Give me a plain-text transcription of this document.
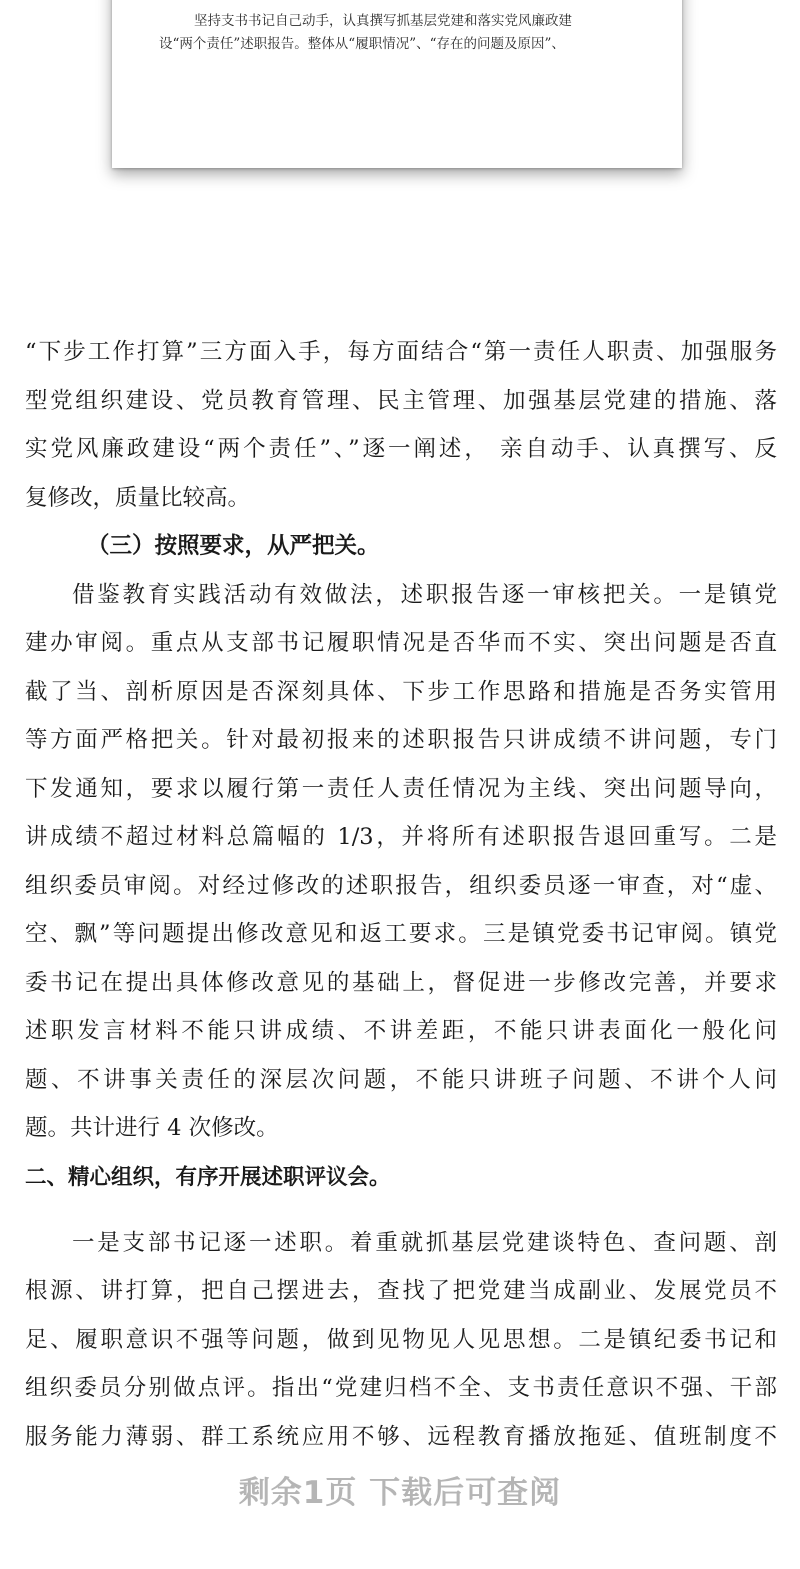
坚持支书书记自己动手，认真撰写抓基层党建和落实党风廉政建
设“两个责任”述职报告。整体从“履职情况”、“存在的问题及原因”、
“下步工作打算”三方面入手，每方面结合“第一责任人职责、加强服务
型党组织建设、党员教育管理、民主管理、加强基层党建的措施、落
实党风廉政建设“两个责任”、”逐一阐述， 亲自动手、认真撰写、反
复修改，质量比较高。
（三）按照要求，从严把关。
借鉴教育实践活动有效做法，述职报告逐一审核把关。一是镇党
建办审阅。重点从支部书记履职情况是否华而不实、突出问题是否直
截了当、剖析原因是否深刻具体、下步工作思路和措施是否务实管用
等方面严格把关。针对最初报来的述职报告只讲成绩不讲问题，专门
下发通知，要求以履行第一责任人责任情况为主线、突出问题导向，
讲成绩不超过材料总篇幅的 1/3，并将所有述职报告退回重写。二是
组织委员审阅。对经过修改的述职报告，组织委员逐一审查，对“虚、
空、飘”等问题提出修改意见和返工要求。三是镇党委书记审阅。镇党
委书记在提出具体修改意见的基础上，督促进一步修改完善，并要求
述职发言材料不能只讲成绩、不讲差距，不能只讲表面化一般化问
题、不讲事关责任的深层次问题，不能只讲班子问题、不讲个人问
题。共计进行 4 次修改。
二、精心组织，有序开展述职评议会。
一是支部书记逐一述职。着重就抓基层党建谈特色、查问题、剖
根源、讲打算，把自己摆进去，查找了把党建当成副业、发展党员不
足、履职意识不强等问题，做到见物见人见思想。二是镇纪委书记和
组织委员分别做点评。指出“党建归档不全、支书责任意识不强、干部
服务能力薄弱、群工系统应用不够、远程教育播放拖延、值班制度不
剩余1页 下载后可查阅
